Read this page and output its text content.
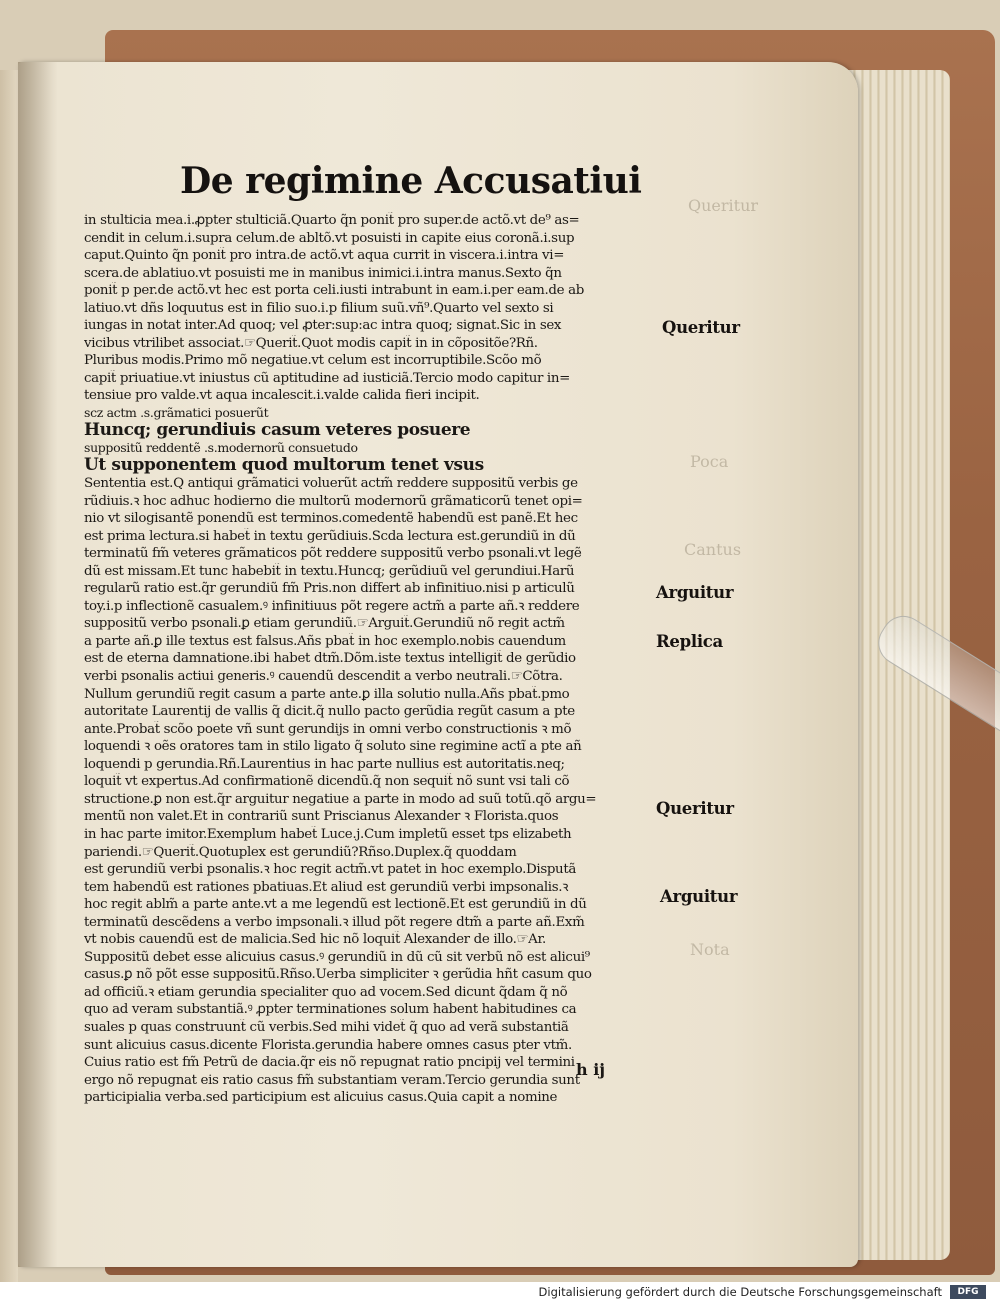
Queritur
Poca
Cantus
Nota
De regimine Accusatiui
in stulticia mea.i.ꝓpter stulticiã.Quarto q̃n ponit̃ pro super.de actõ.vt de⁹ as=
cendit in celum.i.supra celum.de abltõ.vt posuisti in capite eius coronã.i.sup
caput.Quinto q̃n ponit̃ pro intra.de actõ.vt aqua currit in viscera.i.intra vi=
scera.de ablatiuo.vt posuisti me in manibus inimici.i.intra manus.Sexto q̃n
ponit̃ p per.de actõ.vt hec est porta celi.iusti intrabunt in eam.i.per eam.de ab
latiuo.vt dñs loquutus est in filio suo.i.p filium suũ.vñ⁹.Quarto vel sexto si
iungas in notat inter.Ad quoq; vel ꝓter:sup:ac intra quoq; signat.Sic in sex
vicibus vtrilibet associat.☞Querit̃.Quot modis capit̃ in in cõpositõe?Rñ.
Pluribus modis.Primo mõ negatiue.vt celum est incorruptibile.Scõo mõ
capit̃ priuatiue.vt iniustus cũ aptitudine ad iusticiã.Tercio modo capitur in=
tensiue pro valde.vt aqua incalescit.i.valde calida fieri incipit.
scz actm .s.grãmatici posuerũt
Huncq; gerundiuis casum veteres posuere
suppositũ reddentẽ .s.modernorũ consuetudo
Ut supponentem quod multorum tenet vsus
Sententia est.Q antiqui grãmatici voluerũt actm̃ reddere suppositũ verbis ge
rũdiuis.ꝛ hoc adhuc hodierno die multorũ modernorũ grãmaticorũ tenet opi=
nio vt silogisantẽ ponendũ est terminos.comedentẽ habendũ est panẽ.Et hec
est prima lectura.si habet̃ in textu gerũdiuis.Scda lectura est.gerundiũ in dũ
terminatũ fm̃ veteres grãmaticos põt reddere suppositũ verbo psonali.vt legẽ
dũ est missam.Et tunc habebit̃ in textu.Huncq; gerũdiuũ vel gerundiui.Harũ
regularũ ratio est.q̃r gerundiũ fm̃ Pris.non differt ab infinitiuo.nisi p articulũ
toy.i.p inflectionẽ casualem.ꝰ infinitiuus põt regere actm̃ a parte añ.ꝛ reddere
suppositũ verbo psonali.ꝑ etiam gerundiũ.☞Arguit̃.Gerundiũ nõ regit actm̃
a parte añ.ꝑ ille textus est falsus.Añs pbat̃ in hoc exemplo.nobis cauendum
est de eterna damnatione.ibi habet dtm̃.Dõm.iste textus intelligit̃ de gerũdio
verbi psonalis actiui generis.ꝰ cauendũ descendit a verbo neutrali.☞Cõtra.
Nullum gerundiũ regit casum a parte ante.ꝑ illa solutio nulla.Añs pbat̃.pmo
autoritate Laurentij de vallis q̃ dicit.q̃ nullo pacto gerũdia regũt casum a pte
ante.Probat̃ scõo poete vñ sunt gerundijs in omni verbo constructionis ꝛ mõ
loquendi ꝛ oẽs oratores tam in stilo ligato q̃ soluto sine regimine actĩ a pte añ
loquendi p gerundia.Rñ.Laurentius in hac parte nullius est autoritatis.neq;
loquit̃ vt expertus.Ad confirmationẽ dicendũ.q̃ non sequit̃ nõ sunt vsi tali cõ
structione.ꝑ non est.q̃r arguitur negatiue a parte in modo ad suũ totũ.qõ argu=
mentũ non valet.Et in contrariũ sunt Priscianus Alexander ꝛ Florista.quos
in hac parte imitor.Exemplum habet̃ Luce.j.Cum impletũ esset tps elizabeth
pariendi.☞Querit̃.Quotuplex est gerundiũ?Rñso.Duplex.q̃ quoddam
est gerundiũ verbi psonalis.ꝛ hoc regit actm̃.vt patet in hoc exemplo.Disputã
tem habendũ est rationes pbatiuas.Et aliud est gerundiũ verbi impsonalis.ꝛ
hoc regit ablm̃ a parte ante.vt a me legendũ est lectionẽ.Et est gerundiũ in dũ
terminatũ descẽdens a verbo impsonali.ꝛ illud põt regere dtm̃ a parte añ.Exm̃
vt nobis cauendũ est de malicia.Sed hic nõ loquit̃ Alexander de illo.☞Ar.
Suppositũ debet esse alicuius casus.ꝰ gerundiũ in dũ cũ sit verbũ nõ est alicui⁹
casus.ꝑ nõ põt esse suppositũ.Rñso.Uerba simpliciter ꝛ gerũdia hñt casum quo
ad officiũ.ꝛ etiam gerundia specialiter quo ad vocem.Sed dicunt q̃dam q̃ nõ
quo ad veram substantiã.ꝰ ꝓpter terminationes solum habent habitudines ca
suales p quas construunt̃ cũ verbis.Sed mihi videt̃ q̃ quo ad verã substantiã
sunt alicuius casus.dicente Florista.gerundia habere omnes casus pter vtm̃.
Cuius ratio est fm̃ Petrũ de dacia.q̃r eis nõ repugnat ratio pncipij vel termini
ergo nõ repugnat eis ratio casus fm̃ substantiam veram.Tercio gerundia sunt
participialia verba.sed participium est alicuius casus.Quia capit a nomine
Queritur
Arguitur
Replica
Queritur
Arguitur
h ij
Digitalisierung gefördert durch die Deutsche Forschungsgemeinschaft	DFG
